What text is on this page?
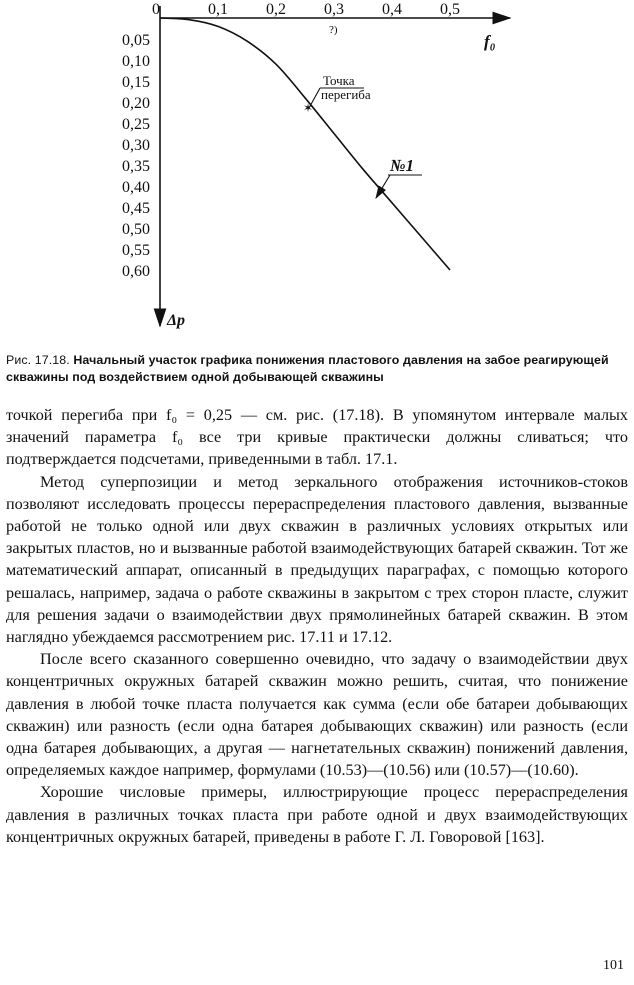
0	0,1 0,2 0,3 0,4 0,5
0,05
0,10
0,15
0,20
0,25
0,30
0,35
0,40
0,45
0,50
0,55
0,60
f₀
Δp
?)
Точка
перегиба
✶
№1
Рис. 17.18. Начальный участок графика понижения пластового давления на забое реагирующей скважины под воздействием одной добывающей скважины

точкой перегиба при f₀ = 0,25 — см. рис. (17.18). В упомянутом интервале малых значений параметра f₀ все три кривые практически должны сливаться; что подтверждается подсчетами, приведенными в табл. 17.1.

Метод суперпозиции и метод зеркального отображения источников-стоков позволяют исследовать процессы перераспределения пластового давления, вызванные работой не только одной или двух скважин в различных условиях открытых или закрытых пластов, но и вызванные работой взаимодействующих батарей скважин. Тот же математический аппарат, описанный в предыдущих параграфах, с помощью которого решалась, например, задача о работе скважины в закрытом с трех сторон пласте, служит для решения задачи о взаимодействии двух прямолинейных батарей скважин. В этом наглядно убеждаемся рассмотрением рис. 17.11 и 17.12.

После всего сказанного совершенно очевидно, что задачу о взаимодействии двух концентричных окружных батарей скважин можно решить, считая, что понижение давления в любой точке пласта получается как сумма (если обе батареи добывающих скважин) или разность (если одна батарея добывающих скважин) или разность (если одна батарея добывающих, а другая — нагнетательных скважин) понижений давления, определяемых каждое например, формулами (10.53)—(10.56) или (10.57)—(10.60).

Хорошие числовые примеры, иллюстрирующие процесс перераспределения давления в различных точках пласта при работе одной и двух взаимодействующих концентричных окружных батарей, приведены в работе Г. Л. Говоровой [163].

101
